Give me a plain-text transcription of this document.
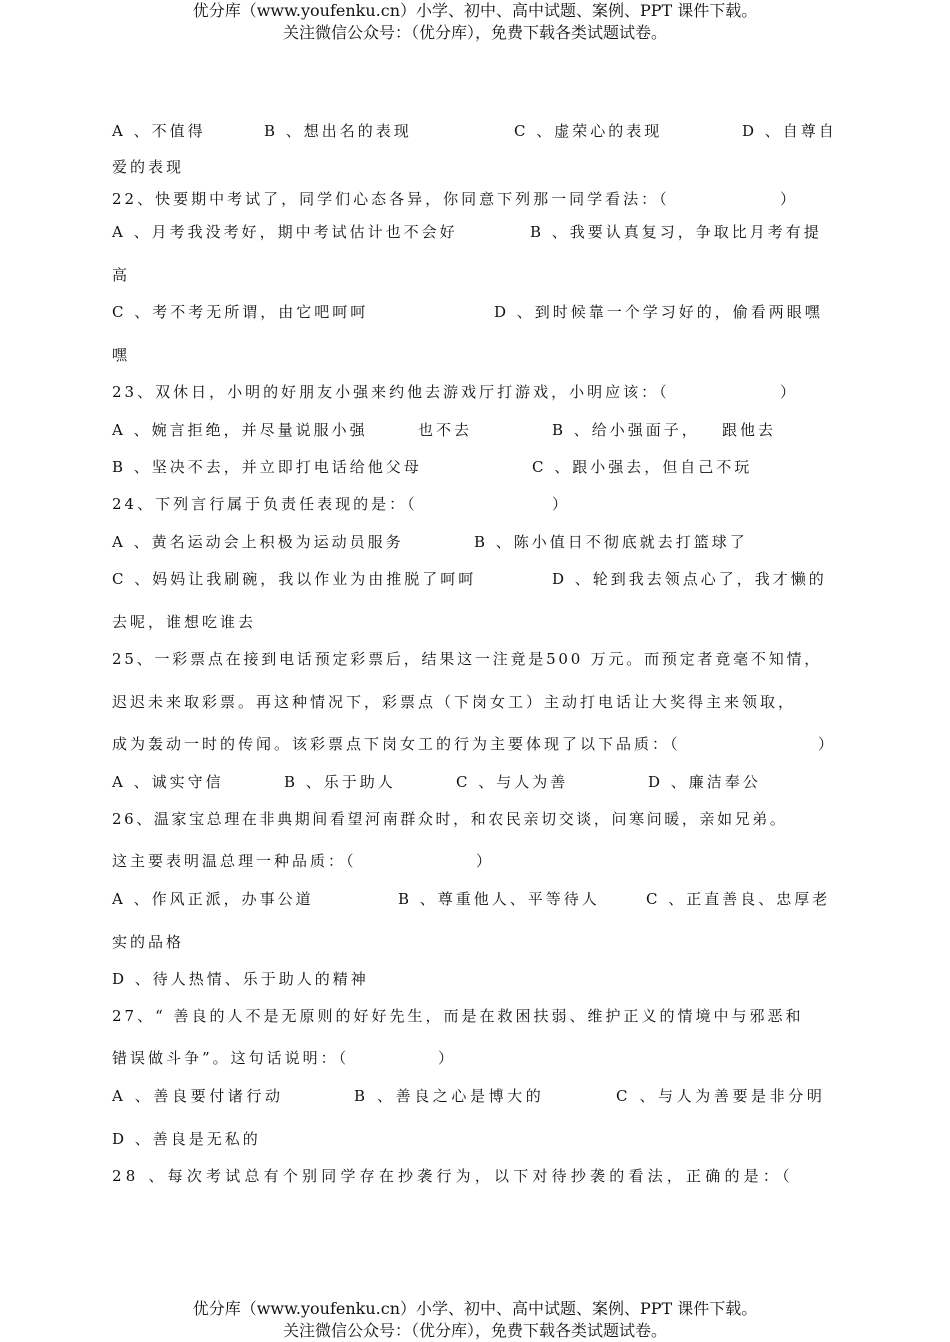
优分库（www.youfenku.cn）小学、初中、高中试题、案例、PPT 课件下载。
关注微信公众号：（优分库），免费下载各类试题试卷。
A 、不值得	B 、想出名的表现	C 、虚荣心的表现	D 、自尊自
爱的表现
22、快要期中考试了，同学们心态各异，你同意下列那一同学看法：（	）
A 、月考我没考好，期中考试估计也不会好	B 、我要认真复习，争取比月考有提
高
C 、考不考无所谓，由它吧呵呵	D 、到时候靠一个学习好的，偷看两眼嘿
嘿
23、双休日，小明的好朋友小强来约他去游戏厅打游戏，小明应该：（	）
A 、婉言拒绝，并尽量说服小强	也不去	B 、给小强面子， 跟他去
B 、坚决不去，并立即打电话给他父母	C 、跟小强去，但自己不玩
24、下列言行属于负责任表现的是：（	）
A 、黄名运动会上积极为运动员服务	B 、陈小值日不彻底就去打篮球了
C 、妈妈让我刷碗，我以作业为由推脱了呵呵	D 、轮到我去领点心了，我才懒的
去呢，谁想吃谁去
25、一彩票点在接到电话预定彩票后，结果这一注竟是500 万元。而预定者竟毫不知情，
迟迟未来取彩票。再这种情况下，彩票点（下岗女工）主动打电话让大奖得主来领取，
成为轰动一时的传闻。该彩票点下岗女工的行为主要体现了以下品质：（	）
A 、诚实守信	B 、乐于助人	C 、与人为善	D 、廉洁奉公
26、温家宝总理在非典期间看望河南群众时，和农民亲切交谈，问寒问暖，亲如兄弟。
这主要表明温总理一种品质：（	）
A 、作风正派，办事公道	B 、尊重他人、平等待人	C 、正直善良、忠厚老
实的品格
D 、待人热情、乐于助人的精神
27、“ 善良的人不是无原则的好好先生，而是在救困扶弱、维护正义的情境中与邪恶和
错误做斗争”。这句话说明：（	）
A 、善良要付诸行动	B 、善良之心是博大的	C 、与人为善要是非分明
D 、善良是无私的
28 、每次考试总有个别同学存在抄袭行为，以下对待抄袭的看法，正确的是：（
优分库（www.youfenku.cn）小学、初中、高中试题、案例、PPT 课件下载。
关注微信公众号：（优分库），免费下载各类试题试卷。
